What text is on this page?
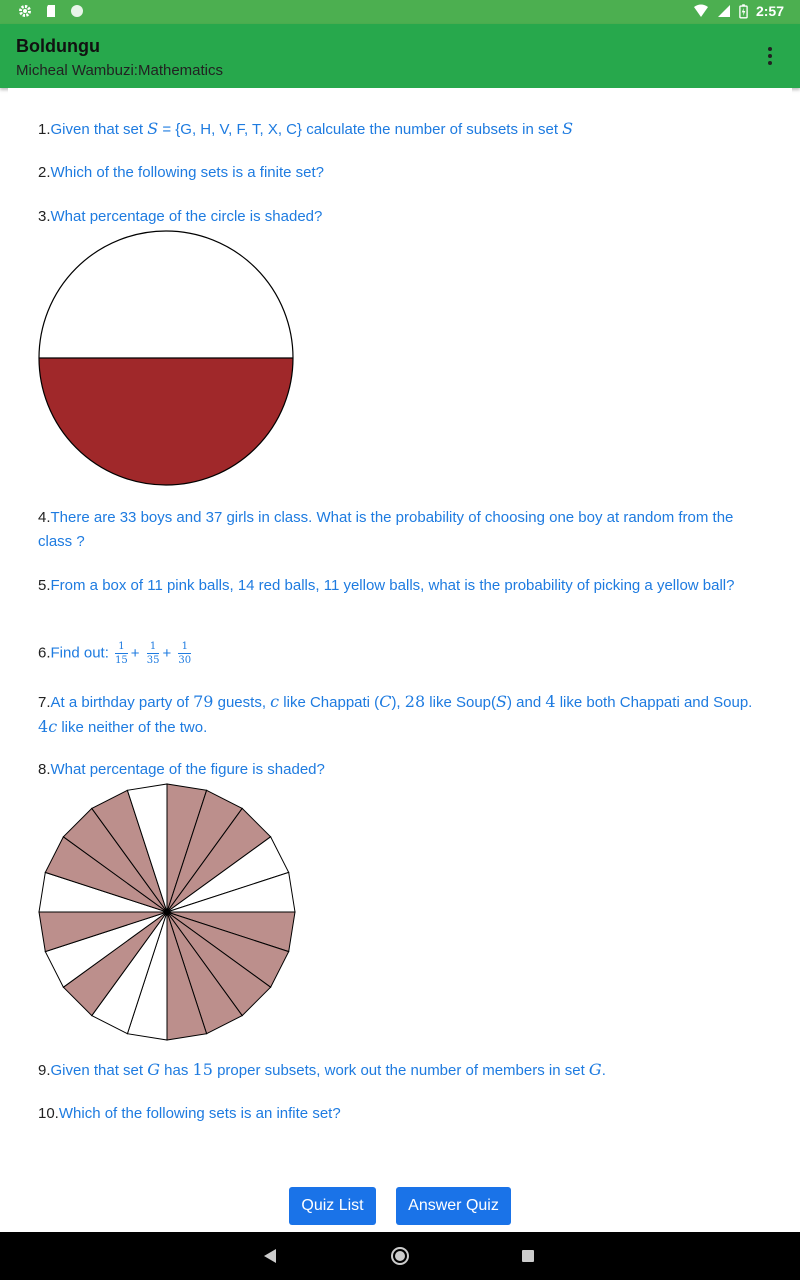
2:57
Boldungu
Micheal Wambuzi:Mathematics
1.Given that set S = {G, H, V, F, T, X, C} calculate the number of subsets in set S
2.Which of the following sets is a finite set?
3.What percentage of the circle is shaded?
4.There are 33 boys and 37 girls in class. What is the probability of choosing one boy at random from the class ?
5.From a box of 11 pink balls, 14 red balls, 11 yellow balls, what is the probability of picking a yellow ball?
6.Find out: $\frac{1}{15} + \frac{1}{35} + \frac{1}{30}$
7.At a birthday party of 79 guests, c like Chappati (C), 28 like Soup(S) and 4 like both Chappati and Soup. 4c like neither of the two.
8.What percentage of the figure is shaded?
9.Given that set G has 15 proper subsets, work out the number of members in set G.
10.Which of the following sets is an infite set?
Quiz List	Answer Quiz
